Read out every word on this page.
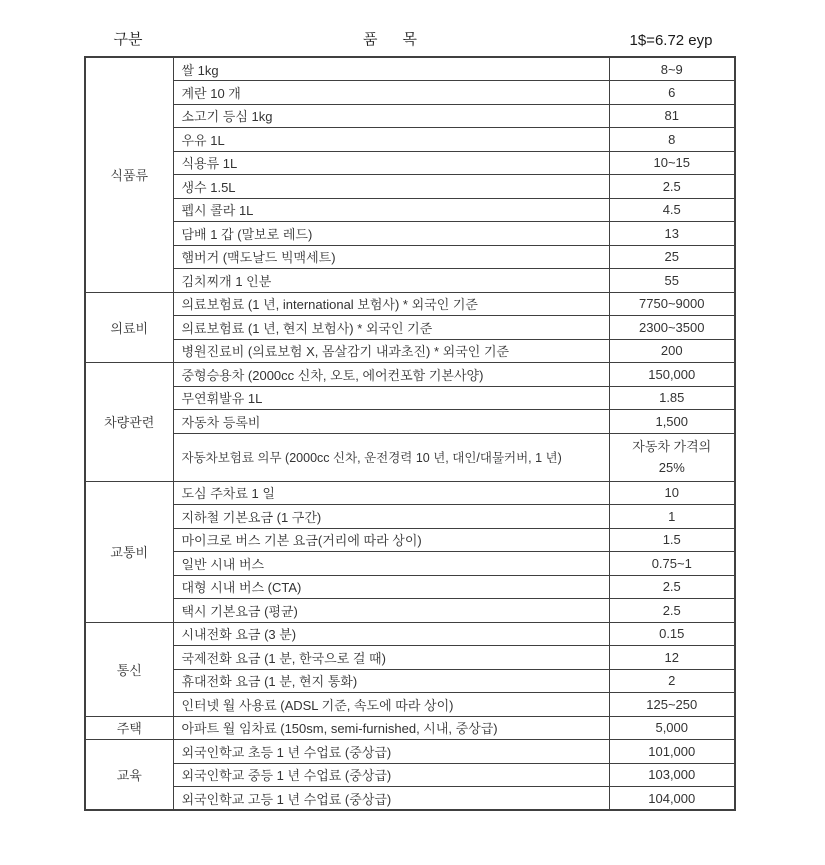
구분	품      목	1$=6.72 eyp
식품류	쌀 1kg	8~9
	계란 10 개	6
	소고기 등심 1kg	81
	우유 1L	8
	식용류 1L	10~15
	생수 1.5L	2.5
	펩시 콜라 1L	4.5
	담배 1 갑 (말보로 레드)	13
	햄버거 (맥도날드 빅맥세트)	25
	김치찌개 1 인분	55
의료비	의료보험료 (1 년, international 보험사) * 외국인 기준	7750~9000
	의료보험료 (1 년, 현지 보험사) * 외국인 기준	2300~3500
	병원진료비 (의료보험 X, 몸살감기 내과초진) * 외국인 기준	200
차량관련	중형승용차 (2000cc 신차, 오토, 에어컨포함 기본사양)	150,000
	무연휘발유 1L	1.85
	자동차 등록비	1,500
	자동차보험료 의무 (2000cc 신차, 운전경력 10 년, 대인/대물커버, 1 년)	자동차 가격의
25%

교통비	도심 주차료 1 일	10
	지하철 기본요금 (1 구간)	1
	마이크로 버스 기본 요금(거리에 따라 상이)	1.5
	일반 시내 버스	0.75~1
	대형 시내 버스 (CTA)	2.5
	택시 기본요금 (평균)	2.5
통신	시내전화 요금 (3 분)	0.15
	국제전화 요금 (1 분, 한국으로 걸 때)	12
	휴대전화 요금 (1 분, 현지 통화)	2
	인터넷 월 사용료 (ADSL 기준, 속도에 따라 상이)	125~250
주택	아파트 월 임차료 (150sm, semi-furnished, 시내, 중상급)	5,000
교육	외국인학교 초등 1 년 수업료 (중상급)	101,000
	외국인학교 중등 1 년 수업료 (중상급)	103,000
	외국인학교 고등 1 년 수업료 (중상급)	104,000
